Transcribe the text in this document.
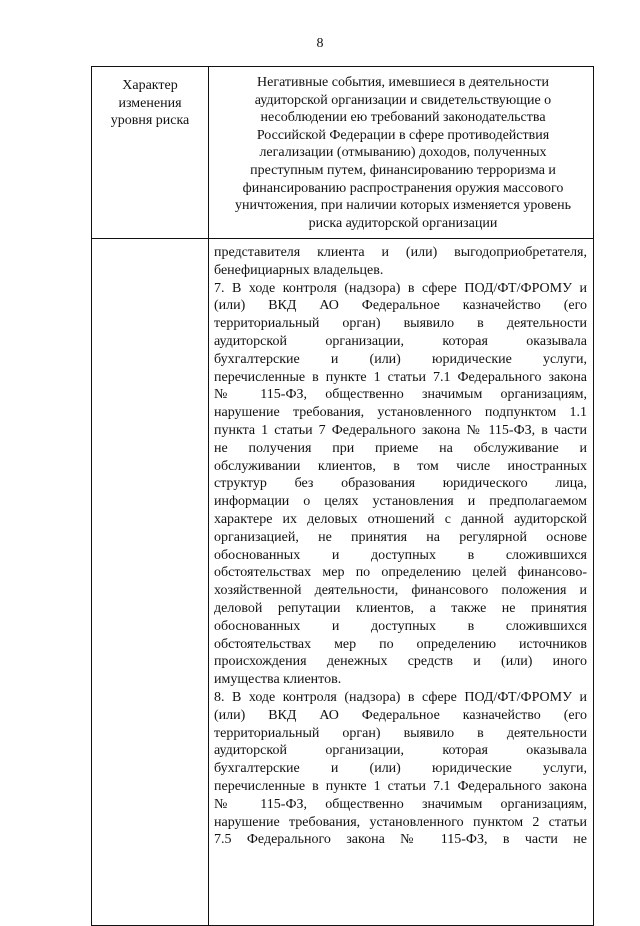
8
Характер
изменения
уровня риска
Негативные события, имевшиеся в деятельности
аудиторской организации и свидетельствующие о
несоблюдении ею требований законодательства
Российской Федерации в сфере противодействия
легализации (отмыванию) доходов, полученных
преступным путем, финансированию терроризма и
финансированию распространения оружия массового
уничтожения, при наличии которых изменяется уровень
риска аудиторской организации
представителя клиента и (или) выгодоприобретателя,
бенефициарных владельцев.
7. В ходе контроля (надзора) в сфере ПОД/ФТ/ФРОМУ и
(или) ВКД АО Федеральное казначейство (его
территориальный орган) выявило в деятельности
аудиторской организации, которая оказывала
бухгалтерские и (или) юридические услуги,
перечисленные в пункте 1 статьи 7.1 Федерального закона
№ 115-ФЗ, общественно значимым организациям,
нарушение требования, установленного подпунктом 1.1
пункта 1 статьи 7 Федерального закона № 115-ФЗ, в части
не получения при приеме на обслуживание и
обслуживании клиентов, в том числе иностранных
структур без образования юридического лица,
информации о целях установления и предполагаемом
характере их деловых отношений с данной аудиторской
организацией, не принятия на регулярной основе
обоснованных и доступных в сложившихся
обстоятельствах мер по определению целей финансово-
хозяйственной деятельности, финансового положения и
деловой репутации клиентов, а также не принятия
обоснованных и доступных в сложившихся
обстоятельствах мер по определению источников
происхождения денежных средств и (или) иного
имущества клиентов.
8. В ходе контроля (надзора) в сфере ПОД/ФТ/ФРОМУ и
(или) ВКД АО Федеральное казначейство (его
территориальный орган) выявило в деятельности
аудиторской организации, которая оказывала
бухгалтерские и (или) юридические услуги,
перечисленные в пункте 1 статьи 7.1 Федерального закона
№ 115-ФЗ, общественно значимым организациям,
нарушение требования, установленного пунктом 2 статьи
7.5 Федерального закона № 115-ФЗ, в части не
